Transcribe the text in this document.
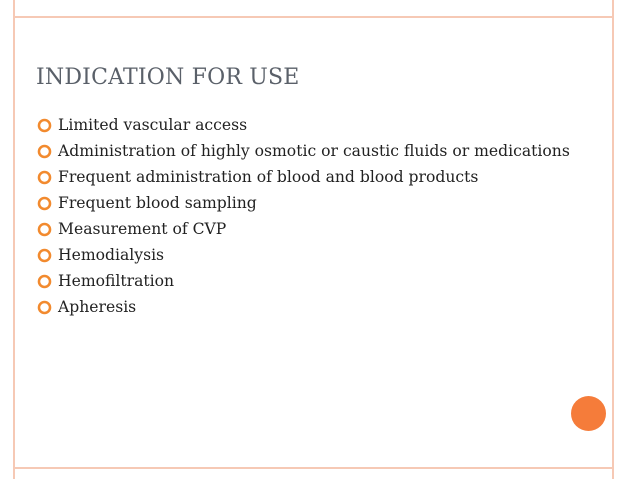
INDICATION FOR USE
Limited vascular access
Administration of highly osmotic or caustic fluids or medications
Frequent administration of blood and blood products
Frequent blood sampling
Measurement of CVP
Hemodialysis
Hemofiltration
Apheresis
